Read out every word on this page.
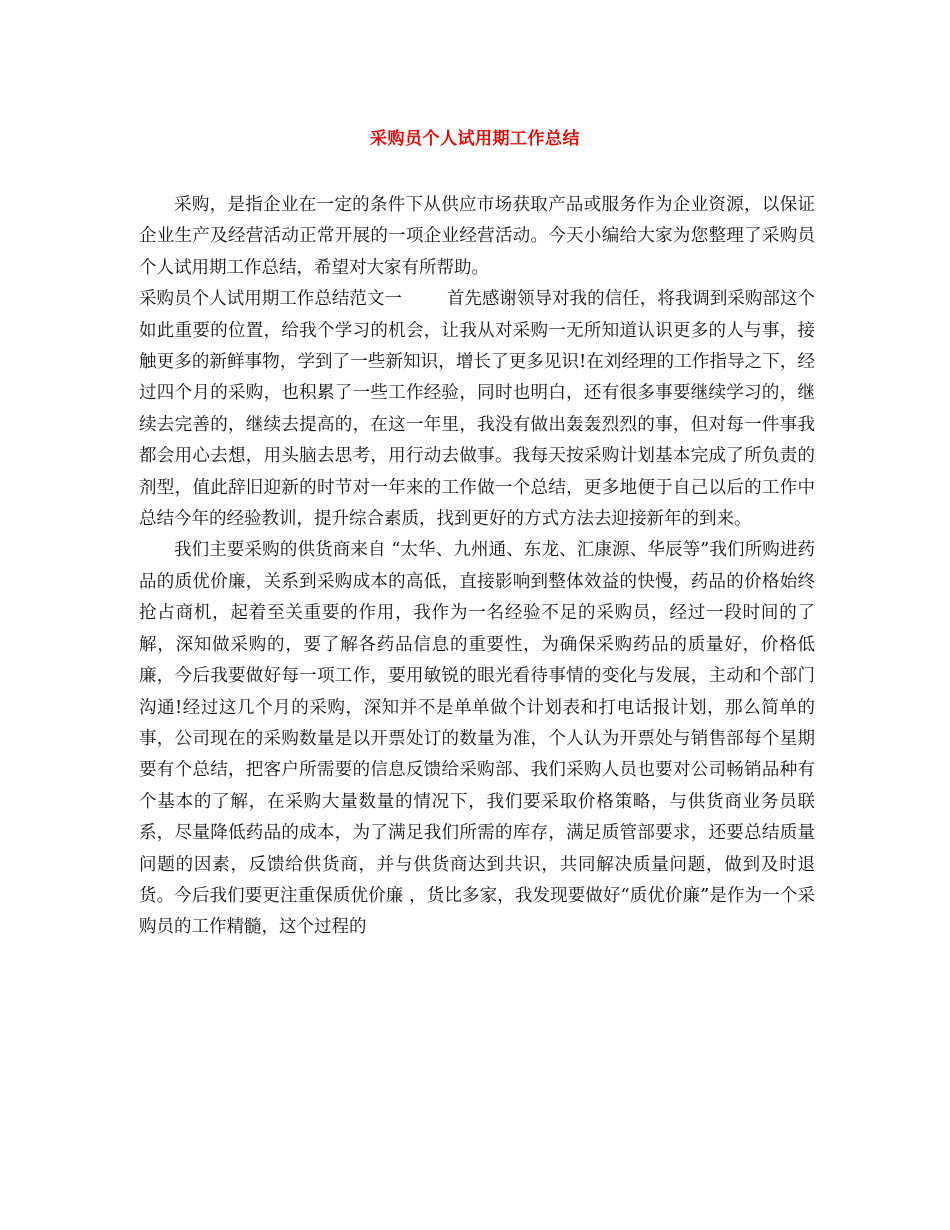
采购员个人试用期工作总结

采购，是指企业在一定的条件下从供应市场获取产品或服务作为企业资源，以保证企业生产及经营活动正常开展的一项企业经营活动。今天小编给大家为您整理了采购员个人试用期工作总结，希望对大家有所帮助。

采购员个人试用期工作总结范文一	首先感谢领导对我的信任，将我调到采购部这个如此重要的位置，给我个学习的机会，让我从对采购一无所知道认识更多的人与事，接触更多的新鲜事物，学到了一些新知识，增长了更多见识!在刘经理的工作指导之下，经过四个月的采购，也积累了一些工作经验，同时也明白，还有很多事要继续学习的，继续去完善的，继续去提高的，在这一年里，我没有做出轰轰烈烈的事，但对每一件事我都会用心去想，用头脑去思考，用行动去做事。我每天按采购计划基本完成了所负责的剂型，值此辞旧迎新的时节对一年来的工作做一个总结，更多地便于自己以后的工作中总结今年的经验教训，提升综合素质，找到更好的方式方法去迎接新年的到来。

我们主要采购的供货商来自 “太华、九州通、东龙、汇康源、华辰等”我们所购进药品的质优价廉，关系到采购成本的高低，直接影响到整体效益的快慢，药品的价格始终抢占商机，起着至关重要的作用，我作为一名经验不足的采购员，经过一段时间的了解，深知做采购的，要了解各药品信息的重要性，为确保采购药品的质量好，价格低廉，今后我要做好每一项工作，要用敏锐的眼光看待事情的变化与发展，主动和个部门沟通!经过这几个月的采购，深知并不是单单做个计划表和打电话报计划，那么简单的事，公司现在的采购数量是以开票处订的数量为准，个人认为开票处与销售部每个星期要有个总结，把客户所需要的信息反馈给采购部、我们采购人员也要对公司畅销品种有个基本的了解，在采购大量数量的情况下，我们要采取价格策略，与供货商业务员联系，尽量降低药品的成本，为了满足我们所需的库存，满足质管部要求，还要总结质量问题的因素，反馈给供货商，并与供货商达到共识，共同解决质量问题，做到及时退货。今后我们要更注重保质优价廉 ，货比多家，我发现要做好“质优价廉”是作为一个采购员的工作精髓，这个过程的
